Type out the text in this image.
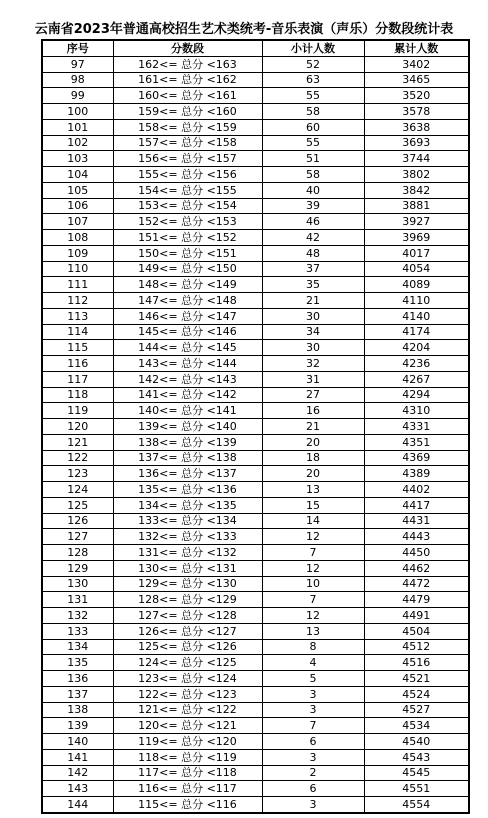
云南省2023年普通高校招生艺术类统考-音乐表演（声乐）分数段统计表
序号	分数段	小计人数	累计人数
97	162<= 总分 <163	52	3402
98	161<= 总分 <162	63	3465
99	160<= 总分 <161	55	3520
100	159<= 总分 <160	58	3578
101	158<= 总分 <159	60	3638
102	157<= 总分 <158	55	3693
103	156<= 总分 <157	51	3744
104	155<= 总分 <156	58	3802
105	154<= 总分 <155	40	3842
106	153<= 总分 <154	39	3881
107	152<= 总分 <153	46	3927
108	151<= 总分 <152	42	3969
109	150<= 总分 <151	48	4017
110	149<= 总分 <150	37	4054
111	148<= 总分 <149	35	4089
112	147<= 总分 <148	21	4110
113	146<= 总分 <147	30	4140
114	145<= 总分 <146	34	4174
115	144<= 总分 <145	30	4204
116	143<= 总分 <144	32	4236
117	142<= 总分 <143	31	4267
118	141<= 总分 <142	27	4294
119	140<= 总分 <141	16	4310
120	139<= 总分 <140	21	4331
121	138<= 总分 <139	20	4351
122	137<= 总分 <138	18	4369
123	136<= 总分 <137	20	4389
124	135<= 总分 <136	13	4402
125	134<= 总分 <135	15	4417
126	133<= 总分 <134	14	4431
127	132<= 总分 <133	12	4443
128	131<= 总分 <132	7	4450
129	130<= 总分 <131	12	4462
130	129<= 总分 <130	10	4472
131	128<= 总分 <129	7	4479
132	127<= 总分 <128	12	4491
133	126<= 总分 <127	13	4504
134	125<= 总分 <126	8	4512
135	124<= 总分 <125	4	4516
136	123<= 总分 <124	5	4521
137	122<= 总分 <123	3	4524
138	121<= 总分 <122	3	4527
139	120<= 总分 <121	7	4534
140	119<= 总分 <120	6	4540
141	118<= 总分 <119	3	4543
142	117<= 总分 <118	2	4545
143	116<= 总分 <117	6	4551
144	115<= 总分 <116	3	4554
